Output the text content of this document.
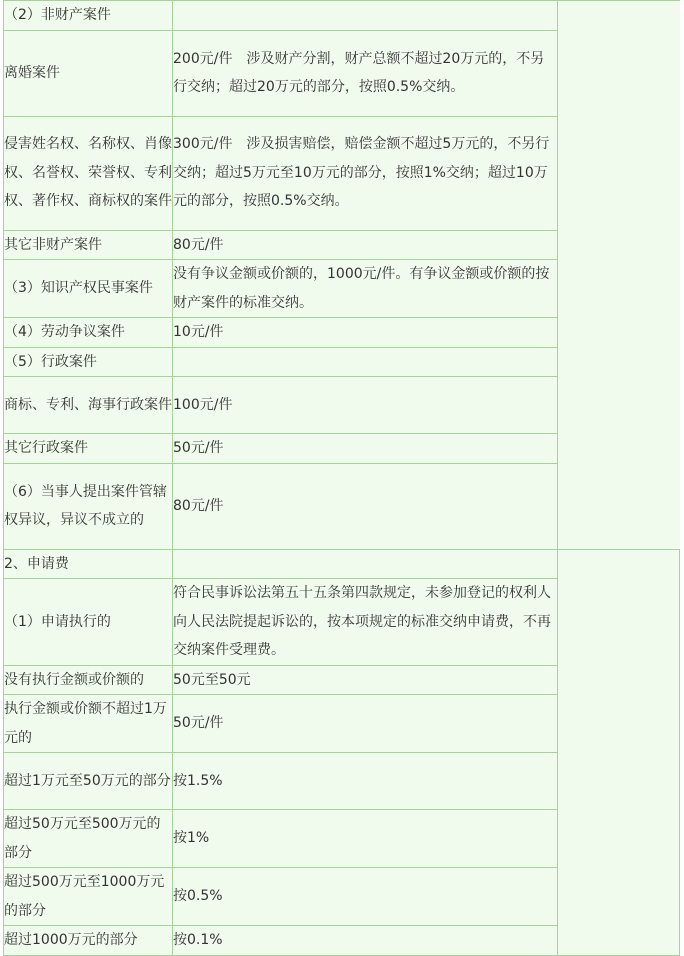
（2）非财产案件		
离婚案件	200元/件　涉及财产分割，财产总额不超过20万元的，不另行交纳；超过20万元的部分，按照0.5%交纳。	
侵害姓名权、名称权、肖像权、名誉权、荣誉权、专利权、著作权、商标权的案件	300元/件　涉及损害赔偿，赔偿金额不超过5万元的，不另行交纳；超过5万元至10万元的部分，按照1%交纳；超过10万元的部分，按照0.5%交纳。	
其它非财产案件	80元/件	
（3）知识产权民事案件	没有争议金额或价额的，1000元/件。有争议金额或价额的按财产案件的标准交纳。	
（4）劳动争议案件	10元/件	
（5）行政案件		
商标、专利、海事行政案件	100元/件	
其它行政案件	50元/件	
（6）当事人提出案件管辖权异议，异议不成立的	80元/件	
2、申请费		
（1）申请执行的	符合民事诉讼法第五十五条第四款规定，未参加登记的权利人向人民法院提起诉讼的，按本项规定的标准交纳申请费，不再交纳案件受理费。	
没有执行金额或价额的	50元至50元	
执行金额或价额不超过1万元的	50元/件	
超过1万元至50万元的部分	按1.5%	
超过50万元至500万元的部分	按1%	
超过500万元至1000万元的部分	按0.5%	
超过1000万元的部分	按0.1%	
